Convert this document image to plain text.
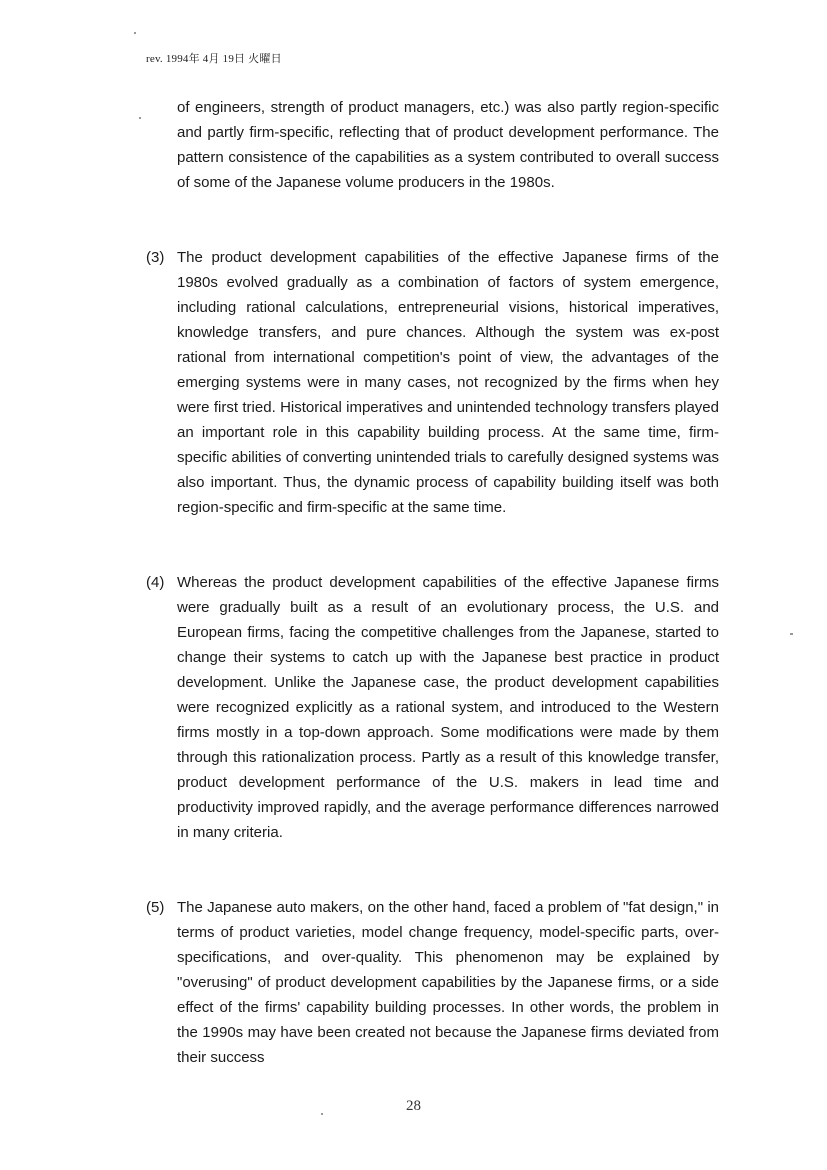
rev. 1994年 4月 19日 火曜日
of engineers, strength of product managers, etc.) was also partly region-specific and partly firm-specific, reflecting that of product development performance. The pattern consistence of the capabilities as a system contributed to overall success of some of the Japanese volume producers in the 1980s.
(3) The product development capabilities of the effective Japanese firms of the 1980s evolved gradually as a combination of factors of system emergence, including rational calculations, entrepreneurial visions, historical imperatives, knowledge transfers, and pure chances. Although the system was ex-post rational from international competition's point of view, the advantages of the emerging systems were in many cases, not recognized by the firms when hey were first tried. Historical imperatives and unintended technology transfers played an important role in this capability building process. At the same time, firm-specific abilities of converting unintended trials to carefully designed systems was also important. Thus, the dynamic process of capability building itself was both region-specific and firm-specific at the same time.
(4) Whereas the product development capabilities of the effective Japanese firms were gradually built as a result of an evolutionary process, the U.S. and European firms, facing the competitive challenges from the Japanese, started to change their systems to catch up with the Japanese best practice in product development. Unlike the Japanese case, the product development capabilities were recognized explicitly as a rational system, and introduced to the Western firms mostly in a top-down approach. Some modifications were made by them through this rationalization process. Partly as a result of this knowledge transfer, product development performance of the U.S. makers in lead time and productivity improved rapidly, and the average performance differences narrowed in many criteria.
(5) The Japanese auto makers, on the other hand, faced a problem of "fat design," in terms of product varieties, model change frequency, model-specific parts, over-specifications, and over-quality. This phenomenon may be explained by "overusing" of product development capabilities by the Japanese firms, or a side effect of the firms' capability building processes. In other words, the problem in the 1990s may have been created not because the Japanese firms deviated from their success
28
